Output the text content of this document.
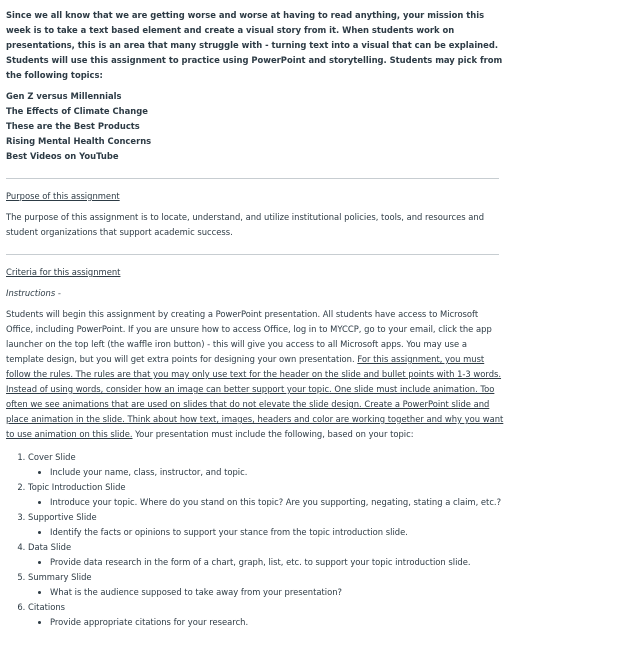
Since we all know that we are getting worse and worse at having to read anything, your mission this week is to take a text based element and create a visual story from it. When students work on presentations, this is an area that many struggle with - turning text into a visual that can be explained. Students will use this assignment to practice using PowerPoint and storytelling. Students may pick from the following topics:

Gen Z versus Millennials
The Effects of Climate Change
These are the Best Products
Rising Mental Health Concerns
Best Videos on YouTube
Purpose of this assignment

The purpose of this assignment is to locate, understand, and utilize institutional policies, tools, and resources and student organizations that support academic success.

Criteria for this assignment
Instructions -

Students will begin this assignment by creating a PowerPoint presentation. All students have access to Microsoft Office, including PowerPoint. If you are unsure how to access Office, log in to MYCCP, go to your email, click the app launcher on the top left (the waffle iron button) - this will give you access to all Microsoft apps. You may use a template design, but you will get extra points for designing your own presentation. For this assignment, you must follow the rules. The rules are that you may only use text for the header on the slide and bullet points with 1-3 words. Instead of using words, consider how an image can better support your topic. One slide must include animation. Too often we see animations that are used on slides that do not elevate the slide design. Create a PowerPoint slide and place animation in the slide. Think about how text, images, headers and color are working together and why you want to use animation on this slide. Your presentation must include the following, based on your topic:

1. Cover Slide
• Include your name, class, instructor, and topic.
2. Topic Introduction Slide
• Introduce your topic. Where do you stand on this topic? Are you supporting, negating, stating a claim, etc.?
3. Supportive Slide
• Identify the facts or opinions to support your stance from the topic introduction slide.
4. Data Slide
• Provide data research in the form of a chart, graph, list, etc. to support your topic introduction slide.
5. Summary Slide
• What is the audience supposed to take away from your presentation?
6. Citations
• Provide appropriate citations for your research.
